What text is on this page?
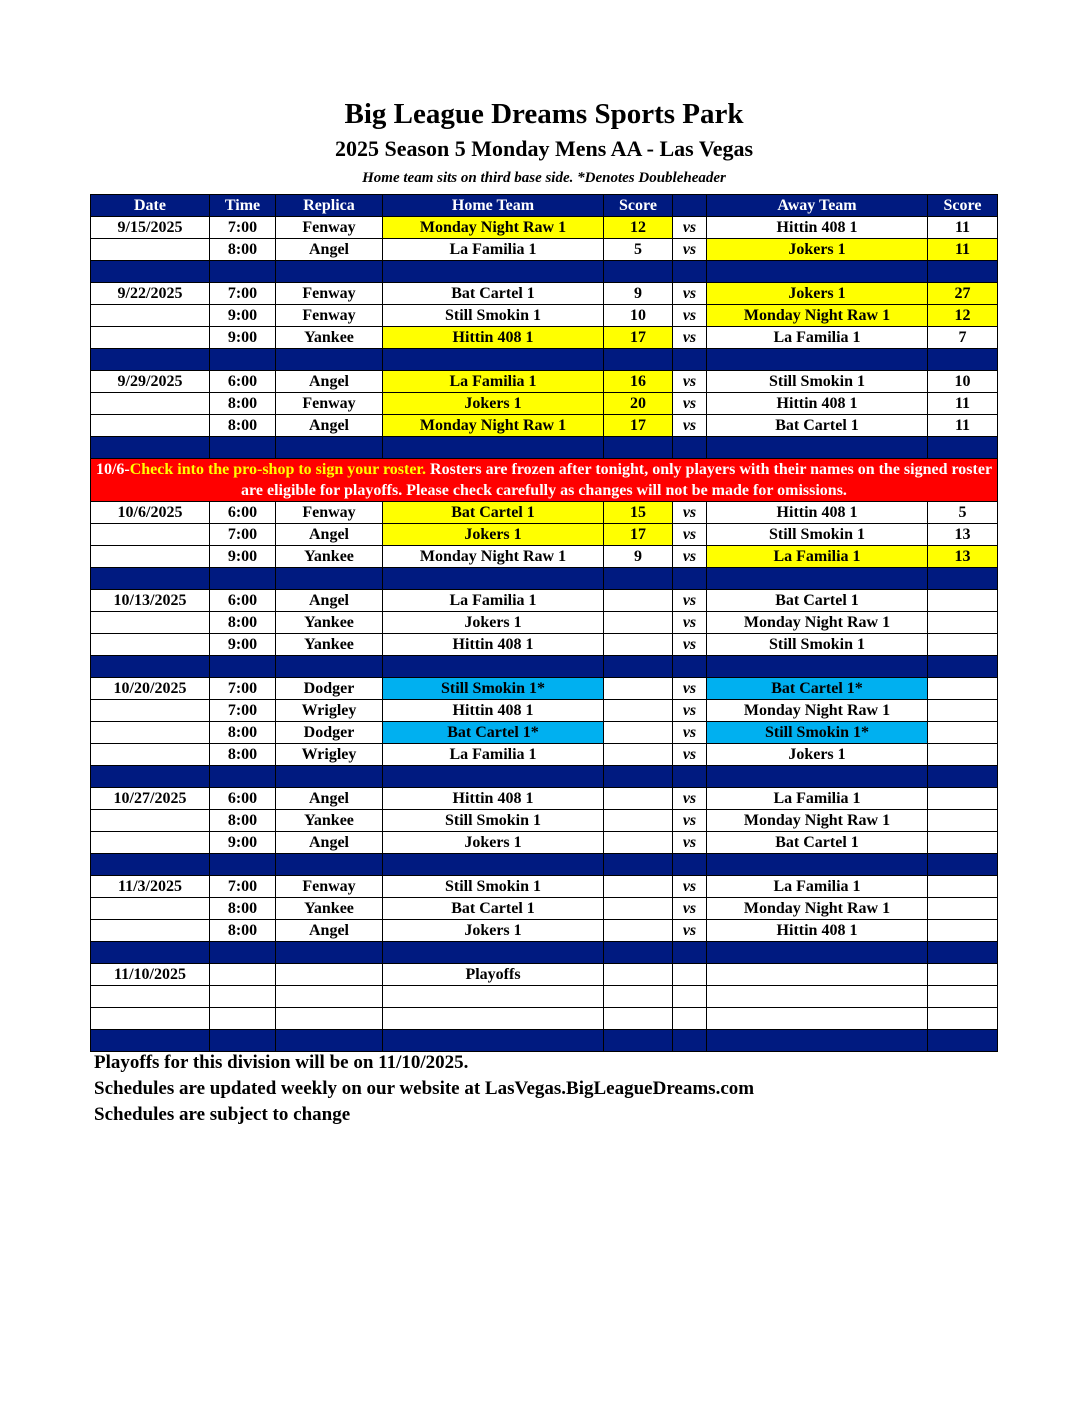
Big League Dreams Sports Park
2025 Season 5 Monday Mens AA - Las Vegas
Home team sits on third base side. *Denotes Doubleheader
Date	Time	Replica	Home Team	Score		Away Team	Score
9/15/2025	7:00	Fenway	Monday Night Raw 1	12	vs	Hittin 408 1	11
	8:00	Angel	La Familia 1	5	vs	Jokers 1	11

9/22/2025	7:00	Fenway	Bat Cartel 1	9	vs	Jokers 1	27
	9:00	Fenway	Still Smokin 1	10	vs	Monday Night Raw 1	12
	9:00	Yankee	Hittin 408 1	17	vs	La Familia 1	7

9/29/2025	6:00	Angel	La Familia 1	16	vs	Still Smokin 1	10
	8:00	Fenway	Jokers 1	20	vs	Hittin 408 1	11
	8:00	Angel	Monday Night Raw 1	17	vs	Bat Cartel 1	11

10/6-Check into the pro-shop to sign your roster. Rosters are frozen after tonight, only players with their names on the signed roster are eligible for playoffs. Please check carefully as changes will not be made for omissions.							
10/6/2025	6:00	Fenway	Bat Cartel 1	15	vs	Hittin 408 1	5
	7:00	Angel	Jokers 1	17	vs	Still Smokin 1	13
	9:00	Yankee	Monday Night Raw 1	9	vs	La Familia 1	13

10/13/2025	6:00	Angel	La Familia 1		vs	Bat Cartel 1	
	8:00	Yankee	Jokers 1		vs	Monday Night Raw 1	
	9:00	Yankee	Hittin 408 1		vs	Still Smokin 1	

10/20/2025	7:00	Dodger	Still Smokin 1*		vs	Bat Cartel 1*	
	7:00	Wrigley	Hittin 408 1		vs	Monday Night Raw 1	
	8:00	Dodger	Bat Cartel 1*		vs	Still Smokin 1*	
	8:00	Wrigley	La Familia 1		vs	Jokers 1	

10/27/2025	6:00	Angel	Hittin 408 1		vs	La Familia 1	
	8:00	Yankee	Still Smokin 1		vs	Monday Night Raw 1	
	9:00	Angel	Jokers 1		vs	Bat Cartel 1	

11/3/2025	7:00	Fenway	Still Smokin 1		vs	La Familia 1	
	8:00	Yankee	Bat Cartel 1		vs	Monday Night Raw 1	
	8:00	Angel	Jokers 1		vs	Hittin 408 1	

11/10/2025			Playoffs				

Playoffs for this division will be on 11/10/2025.
Schedules are updated weekly on our website at LasVegas.BigLeagueDreams.com
Schedules are subject to change
